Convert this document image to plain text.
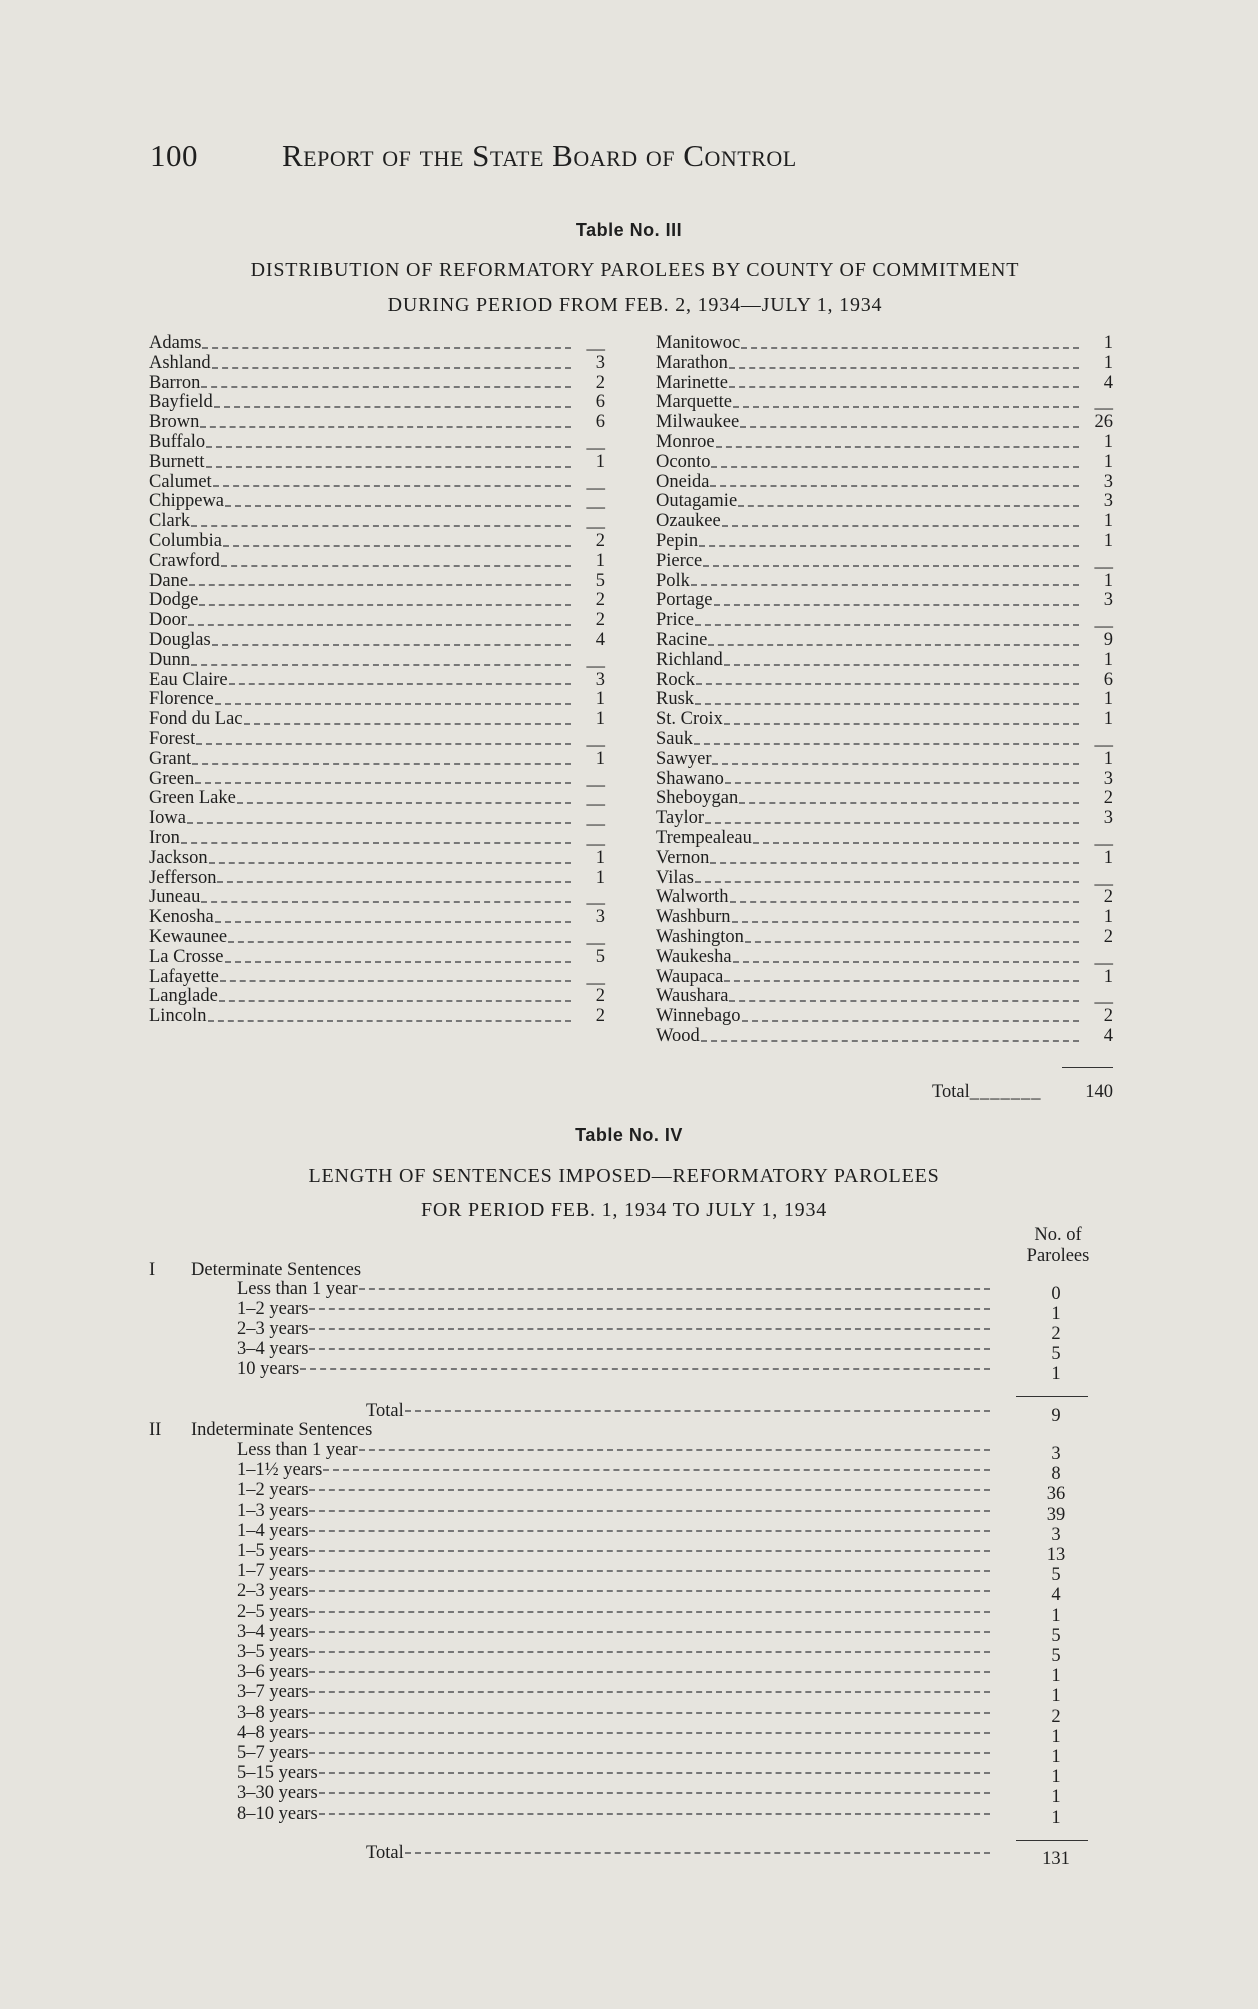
100	Report of the State Board of Control
Table No. III
DISTRIBUTION OF REFORMATORY PAROLEES BY COUNTY OF COMMITMENT
DURING PERIOD FROM FEB. 2, 1934—JULY 1, 1934
Adams	__
Ashland	3
Barron	2
Bayfield	6
Brown	6
Buffalo	__
Burnett	1
Calumet	__
Chippewa	__
Clark	__
Columbia	2
Crawford	1
Dane	5
Dodge	2
Door	2
Douglas	4
Dunn	__
Eau Claire	3
Florence	1
Fond du Lac	1
Forest	__
Grant	1
Green	__
Green Lake	__
Iowa	__
Iron	__
Jackson	1
Jefferson	1
Juneau	__
Kenosha	3
Kewaunee	__
La Crosse	5
Lafayette	__
Langlade	2
Lincoln	2
Manitowoc	1
Marathon	1
Marinette	4
Marquette	__
Milwaukee	26
Monroe	1
Oconto	1
Oneida	3
Outagamie	3
Ozaukee	1
Pepin	1
Pierce	__
Polk	1
Portage	3
Price	__
Racine	9
Richland	1
Rock	6
Rusk	1
St. Croix	1
Sauk	__
Sawyer	1
Shawano	3
Sheboygan	2
Taylor	3
Trempealeau	__
Vernon	1
Vilas	__
Walworth	2
Washburn	1
Washington	2
Waukesha	__
Waupaca	1
Waushara	__
Winnebago	2
Wood	4
Total_______	140
Table No. IV
LENGTH OF SENTENCES IMPOSED—REFORMATORY PAROLEES
FOR PERIOD FEB. 1, 1934 TO JULY 1, 1934
No. of
Parolees
I Determinate Sentences
Less than 1 year	0
1–2 years	1
2–3 years	2
3–4 years	5
10 years	1
Total	9
II Indeterminate Sentences
Less than 1 year	3
1–1½ years	8
1–2 years	36
1–3 years	39
1–4 years	3
1–5 years	13
1–7 years	5
2–3 years	4
2–5 years	1
3–4 years	5
3–5 years	5
3–6 years	1
3–7 years	1
3–8 years	2
4–8 years	1
5–7 years	1
5–15 years	1
3–30 years	1
8–10 years	1
Total	131
